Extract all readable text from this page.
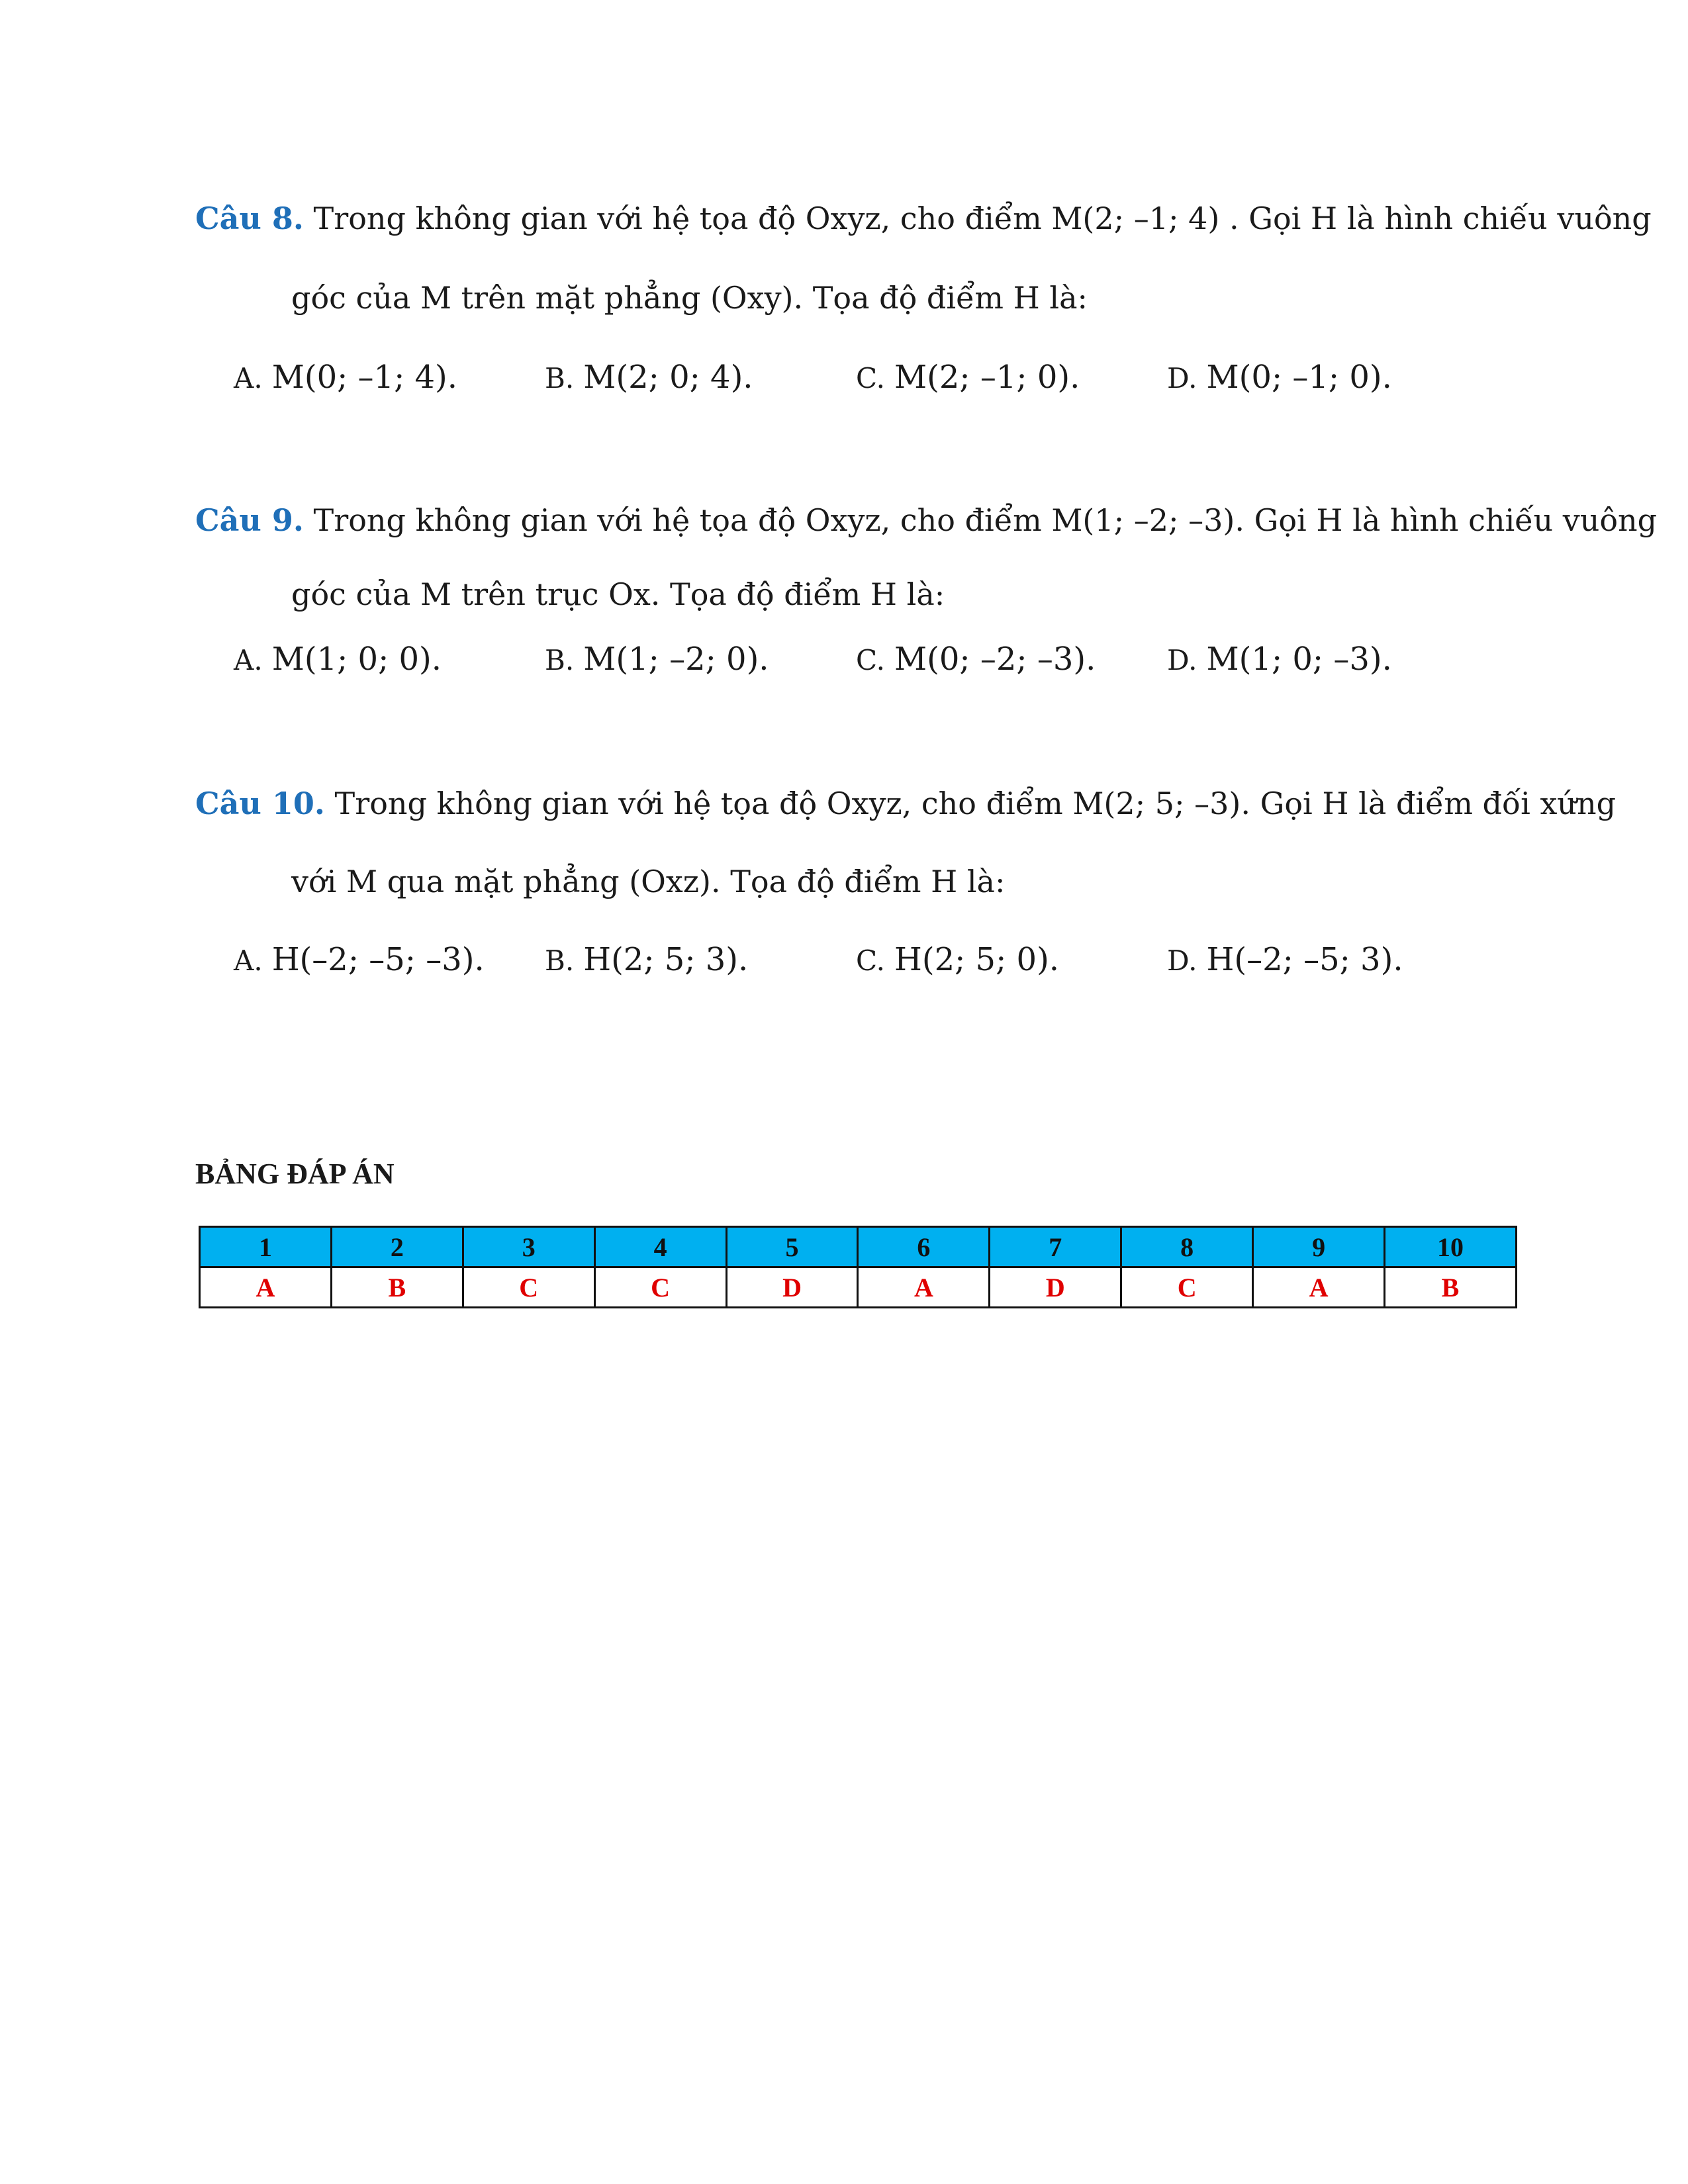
Câu 8. Trong không gian với hệ tọa độ Oxyz, cho điểm M(2; –1; 4) . Gọi H là hình chiếu vuông
góc của M trên mặt phẳng (Oxy). Tọa độ điểm H là:
A. M(0; –1; 4).	B. M(2; 0; 4).	C. M(2; –1; 0).	D. M(0; –1; 0).
Câu 9. Trong không gian với hệ tọa độ Oxyz, cho điểm M(1; –2; –3). Gọi H là hình chiếu vuông
góc của M trên trục Ox. Tọa độ điểm H là:
A. M(1; 0; 0).	B. M(1; –2; 0).	C. M(0; –2; –3).	D. M(1; 0; –3).
Câu 10. Trong không gian với hệ tọa độ Oxyz, cho điểm M(2; 5; –3). Gọi H là điểm đối xứng
với M qua mặt phẳng (Oxz). Tọa độ điểm H là:
A. H(–2; –5; –3). B. H(2; 5; 3).	C. H(2; 5; 0).	D. H(–2; –5; 3).
BẢNG ĐÁP ÁN
1	2	3	4	5	6	7	8	9	10
A	B	C	C	D	A	D	C	A	B
